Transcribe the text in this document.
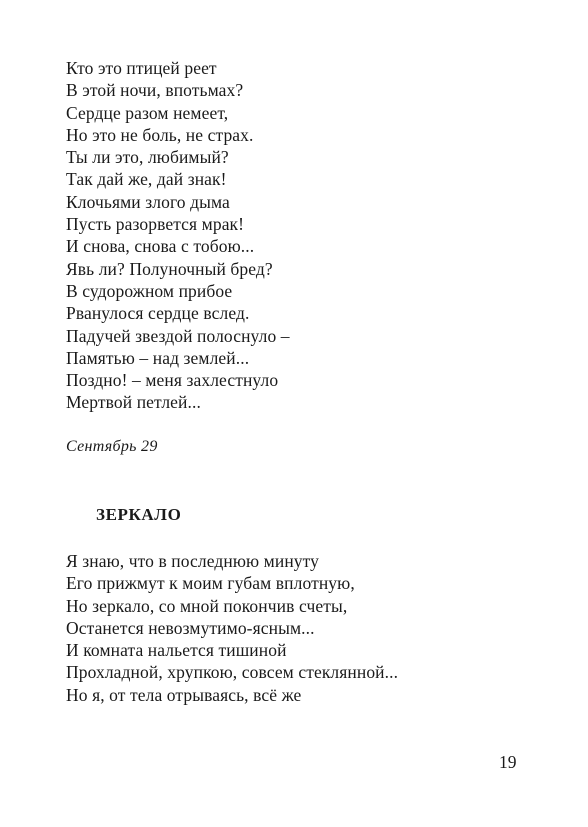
Кто это птицей реет
В этой ночи, впотьмах?
Сердце разом немеет,
Но это не боль, не страх.
Ты ли это, любимый?
Так дай же, дай знак!
Клочьями злого дыма
Пусть разорвется мрак!
И снова, снова с тобою...
Явь ли? Полуночный бред?
В судорожном прибое
Рванулося сердце вслед.
Падучей звездой полоснуло –
Памятью – над землей...
Поздно! – меня захлестнуло
Мертвой петлей...
Сентябрь 29
ЗЕРКАЛО
Я знаю, что в последнюю минуту
Его прижмут к моим губам вплотную,
Но зеркало, со мной покончив счеты,
Останется невозмутимо-ясным...
И комната нальется тишиной
Прохладной, хрупкою, совсем стеклянной...
Но я, от тела отрываясь, всё же
19
